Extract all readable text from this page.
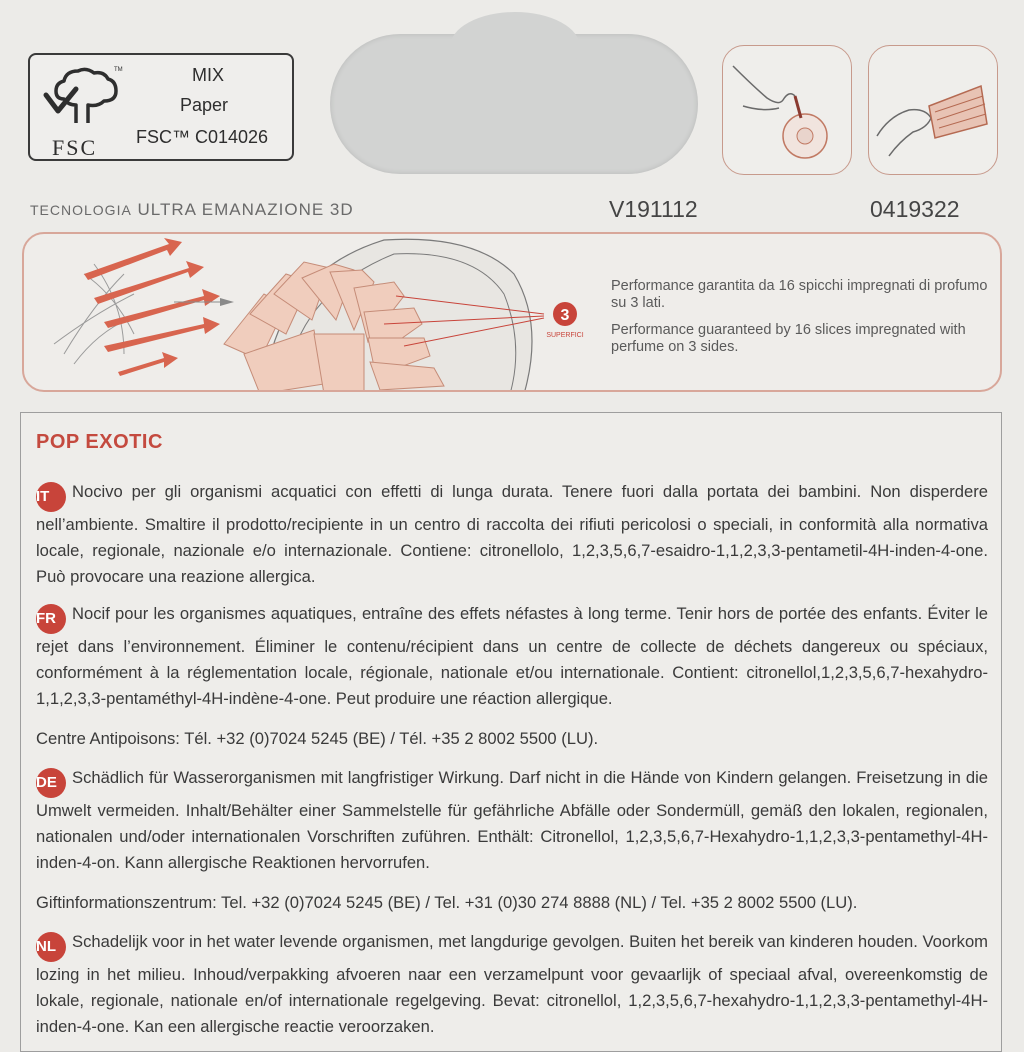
TM
FSC
MIX
Paper
FSC™ C014026
TECNOLOGIA ULTRA EMANAZIONE 3D	V191112	0419322
3
SUPERFICI
Performance garantita da 16 spicchi impregnati di profumo su 3 lati.
Performance guaranteed by 16 slices impregnated with perfume on 3 sides.
POP EXOTIC

IT Nocivo per gli organismi acquatici con effetti di lunga durata. Tenere fuori dalla portata dei bambini. Non disperdere nell’ambiente. Smaltire il prodotto/recipiente in un centro di raccolta dei rifiuti pericolosi o speciali, in conformità alla normativa locale, regionale, nazionale e/o internazionale. Contiene: citronellolo, 1,2,3,5,6,7-esaidro-1,1,2,3,3-pentametil-4H-inden-4-one. Può provocare una reazione allergica.

FR Nocif pour les organismes aquatiques, entraîne des effets néfastes à long terme. Tenir hors de portée des enfants. Éviter le rejet dans l’environnement. Éliminer le contenu/récipient dans un centre de collecte de déchets dangereux ou spéciaux, conformément à la réglementation locale, régionale, nationale et/ou internationale. Contient: citronellol,1,2,3,5,6,7-hexahydro-1,1,2,3,3-pentaméthyl-4H-indène-4-one. Peut produire une réaction allergique.

Centre Antipoisons: Tél. +32 (0)7024 5245 (BE) / Tél. +35 2 8002 5500 (LU).

DE Schädlich für Wasserorganismen mit langfristiger Wirkung. Darf nicht in die Hände von Kindern gelangen. Freisetzung in die Umwelt vermeiden. Inhalt/Behälter einer Sammelstelle für gefährliche Abfälle oder Sondermüll, gemäß den lokalen, regionalen, nationalen und/oder internationalen Vorschriften zuführen. Enthält: Citronellol, 1,2,3,5,6,7-Hexahydro-1,1,2,3,3-pentamethyl-4H-inden-4-on. Kann allergische Reaktionen hervorrufen.

Giftinformationszentrum: Tel. +32 (0)7024 5245 (BE) / Tel. +31 (0)30 274 8888 (NL) / Tel. +35 2 8002 5500 (LU).

NL Schadelijk voor in het water levende organismen, met langdurige gevolgen. Buiten het bereik van kinderen houden. Voorkom lozing in het milieu. Inhoud/verpakking afvoeren naar een verzamelpunt voor gevaarlijk of speciaal afval, overeenkomstig de lokale, regionale, nationale en/of internationale regelgeving. Bevat: citronellol, 1,2,3,5,6,7-hexahydro-1,1,2,3,3-pentamethyl-4H-inden-4-one. Kan een allergische reactie veroorzaken.
